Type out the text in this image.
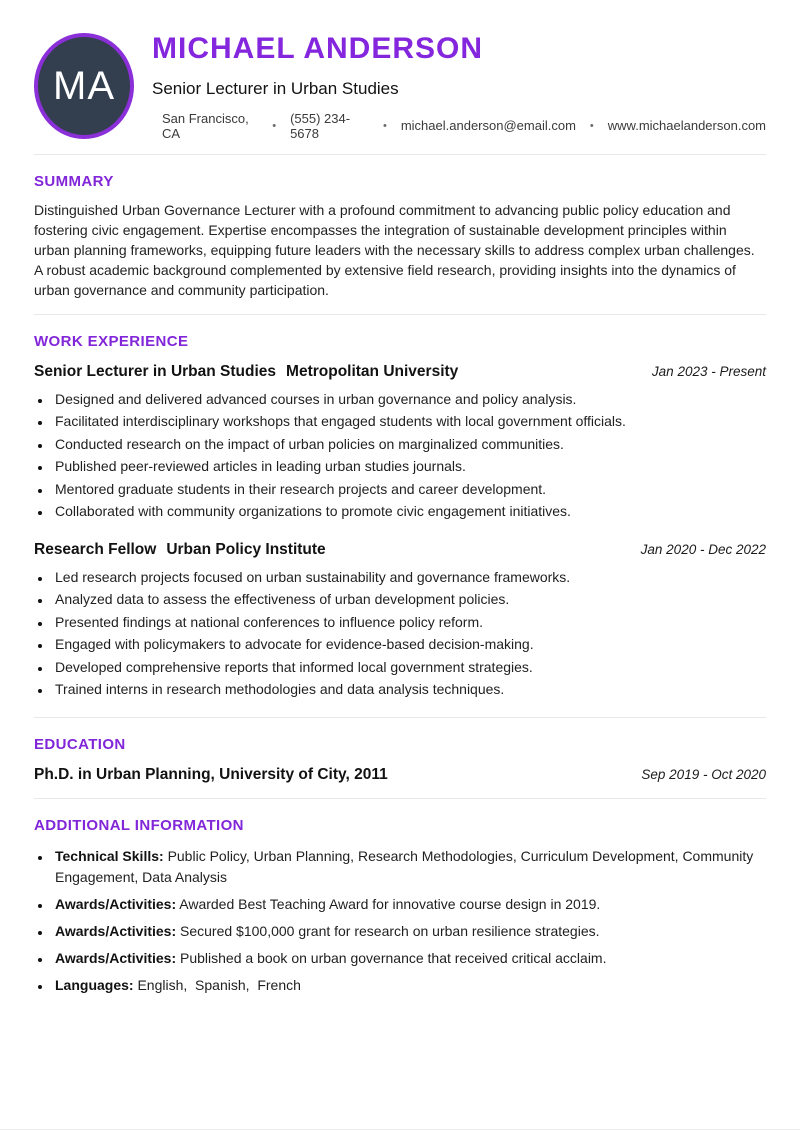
MA
MICHAEL ANDERSON
Senior Lecturer in Urban Studies
San Francisco, CA	• (555) 234-5678	• michael.anderson@email.com • www.michaelanderson.com
SUMMARY

Distinguished Urban Governance Lecturer with a profound commitment to advancing public policy education and fostering civic engagement. Expertise encompasses the integration of sustainable development principles within urban planning frameworks, equipping future leaders with the necessary skills to address complex urban challenges. A robust academic background complemented by extensive field research, providing insights into the dynamics of urban governance and community participation.

WORK EXPERIENCE
Senior Lecturer in Urban Studies Metropolitan University	Jan 2023 - Present
• Designed and delivered advanced courses in urban governance and policy analysis.
• Facilitated interdisciplinary workshops that engaged students with local government officials.
• Conducted research on the impact of urban policies on marginalized communities.
• Published peer-reviewed articles in leading urban studies journals.
• Mentored graduate students in their research projects and career development.
• Collaborated with community organizations to promote civic engagement initiatives.
Research Fellow Urban Policy Institute	Jan 2020 - Dec 2022
• Led research projects focused on urban sustainability and governance frameworks.
• Analyzed data to assess the effectiveness of urban development policies.
• Presented findings at national conferences to influence policy reform.
• Engaged with policymakers to advocate for evidence-based decision-making.
• Developed comprehensive reports that informed local government strategies.
• Trained interns in research methodologies and data analysis techniques.
EDUCATION
Ph.D. in Urban Planning, University of City, 2011	Sep 2019 - Oct 2020
ADDITIONAL INFORMATION
• Technical Skills: Public Policy, Urban Planning, Research Methodologies, Curriculum Development, Community Engagement, Data Analysis
• Awards/Activities: Awarded Best Teaching Award for innovative course design in 2019.
• Awards/Activities: Secured $100,000 grant for research on urban resilience strategies.
• Awards/Activities: Published a book on urban governance that received critical acclaim.
• Languages: English,  Spanish,  French
